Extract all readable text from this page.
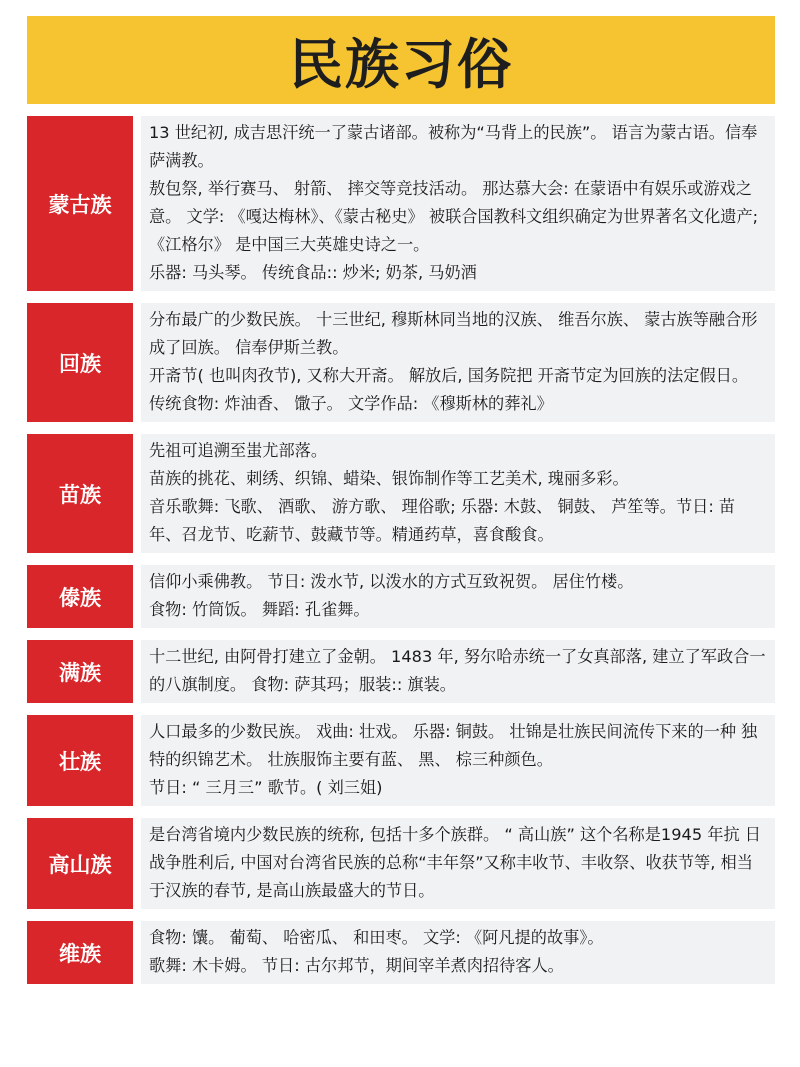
民族习俗
蒙古族

13 世纪初, 成吉思汗统一了蒙古诸部。被称为“马背上的民族”。 语言为蒙古语。信奉萨满教。

敖包祭, 举行赛马、 射箭、 摔交等竞技活动。 那达慕大会: 在蒙语中有娱乐或游戏之意。 文学: 《嘎达梅林》、《蒙古秘史》 被联合国教科文组织确定为世界著名文化遗产; 《江格尔》 是中国三大英雄史诗之一。

乐器: 马头琴。 传统食品:: 炒米; 奶茶, 马奶酒

回族

分布最广的少数民族。 十三世纪, 穆斯林同当地的汉族、 维吾尔族、 蒙古族等融合形成了回族。 信奉伊斯兰教。

开斋节( 也叫肉孜节), 又称大开斋。 解放后, 国务院把 开斋节定为回族的法定假日。 传统食物: 炸油香、 馓子。 文学作品: 《穆斯林的葬礼》

苗族

先祖可追溯至蚩尤部落。

苗族的挑花、刺绣、织锦、蜡染、银饰制作等工艺美术, 瑰丽多彩。

音乐歌舞: 飞歌、 酒歌、 游方歌、 理俗歌; 乐器: 木鼓、 铜鼓、 芦笙等。节日: 苗年、召龙节、吃薪节、鼓藏节等。精通药草，喜食酸食。

傣族

信仰小乘佛教。 节日: 泼水节, 以泼水的方式互致祝贺。 居住竹楼。

食物: 竹筒饭。 舞蹈: 孔雀舞。

满族

十二世纪, 由阿骨打建立了金朝。 1483 年, 努尔哈赤统一了女真部落, 建立了军政合一的八旗制度。 食物: 萨其玛；服装:: 旗装。

壮族

人口最多的少数民族。 戏曲: 壮戏。 乐器: 铜鼓。 壮锦是壮族民间流传下来的一种 独特的织锦艺术。 壮族服饰主要有蓝、 黑、 棕三种颜色。

节日: “ 三月三” 歌节。( 刘三姐)

高山族

是台湾省境内少数民族的统称, 包括十多个族群。 “ 高山族” 这个名称是1945 年抗 日战争胜利后, 中国对台湾省民族的总称“丰年祭”又称丰收节、丰收祭、收获节等, 相当于汉族的春节, 是高山族最盛大的节日。

维族

食物: 馕。 葡萄、 哈密瓜、 和田枣。 文学: 《阿凡提的故事》。

歌舞: 木卡姆。 节日: 古尔邦节，期间宰羊煮肉招待客人。
